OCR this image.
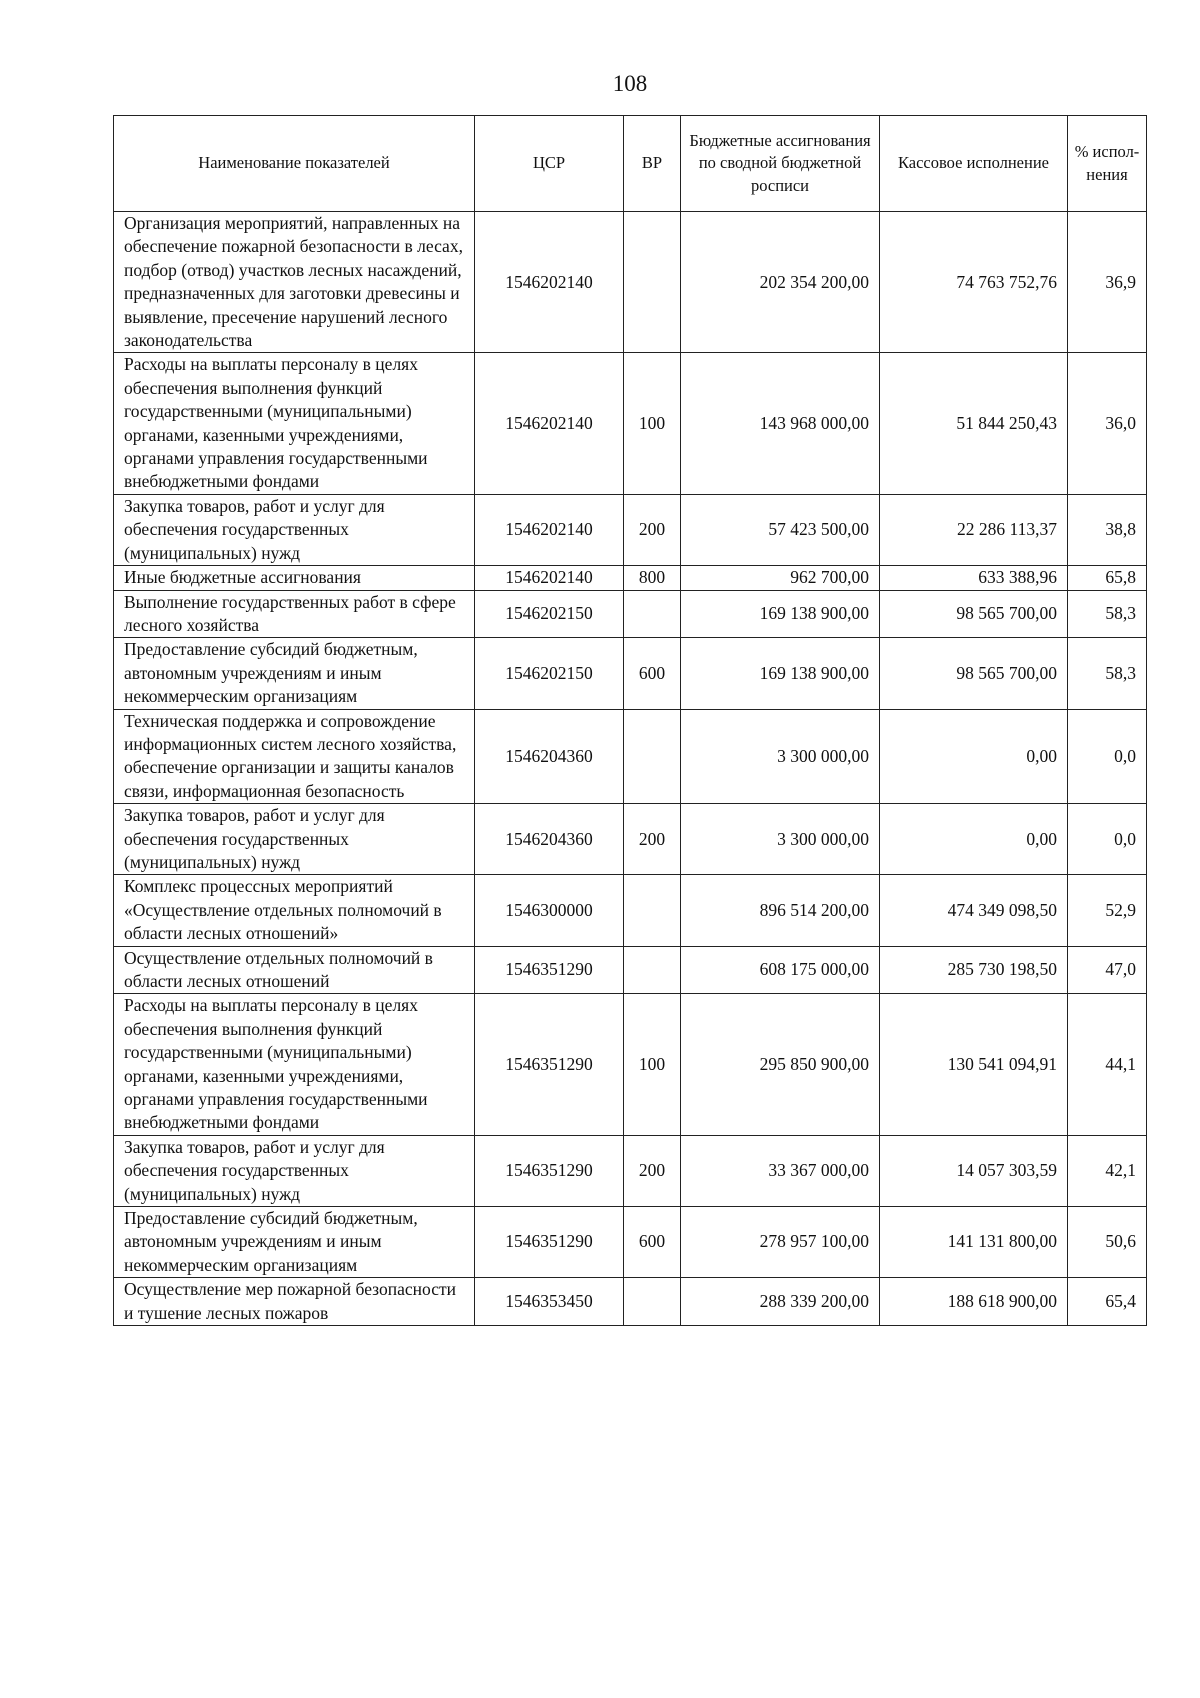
108
Наименование показателей	ЦСР	ВР	Бюджетные ассигнования по сводной бюджетной росписи	Кассовое исполнение	% испол-нения
Организация мероприятий, направленных на обеспечение пожарной безопасности в лесах, подбор (отвод) участков лесных насаждений, предназначенных для заготовки древесины и выявление, пресечение нарушений лесного законодательства	1546202140		202 354 200,00	74 763 752,76	36,9
Расходы на выплаты персоналу в целях обеспечения выполнения функций государственными (муниципальными) органами, казенными учреждениями, органами управления государственными внебюджетными фондами	1546202140	100	143 968 000,00	51 844 250,43	36,0
Закупка товаров, работ и услуг для обеспечения государственных (муниципальных) нужд	1546202140	200	57 423 500,00	22 286 113,37	38,8
Иные бюджетные ассигнования	1546202140	800	962 700,00	633 388,96	65,8
Выполнение государственных работ в сфере лесного хозяйства	1546202150		169 138 900,00	98 565 700,00	58,3
Предоставление субсидий бюджетным, автономным учреждениям и иным некоммерческим организациям	1546202150	600	169 138 900,00	98 565 700,00	58,3
Техническая поддержка и сопровождение информационных систем лесного хозяйства, обеспечение организации и защиты каналов связи, информационная безопасность	1546204360		3 300 000,00	0,00	0,0
Закупка товаров, работ и услуг для обеспечения государственных (муниципальных) нужд	1546204360	200	3 300 000,00	0,00	0,0
Комплекс процессных мероприятий «Осуществление отдельных полномочий в области лесных отношений»	1546300000		896 514 200,00	474 349 098,50	52,9
Осуществление отдельных полномочий в области лесных отношений	1546351290		608 175 000,00	285 730 198,50	47,0
Расходы на выплаты персоналу в целях обеспечения выполнения функций государственными (муниципальными) органами, казенными учреждениями, органами управления государственными внебюджетными фондами	1546351290	100	295 850 900,00	130 541 094,91	44,1
Закупка товаров, работ и услуг для обеспечения государственных (муниципальных) нужд	1546351290	200	33 367 000,00	14 057 303,59	42,1
Предоставление субсидий бюджетным, автономным учреждениям и иным некоммерческим организациям	1546351290	600	278 957 100,00	141 131 800,00	50,6
Осуществление мер пожарной безопасности и тушение лесных пожаров	1546353450		288 339 200,00	188 618 900,00	65,4
